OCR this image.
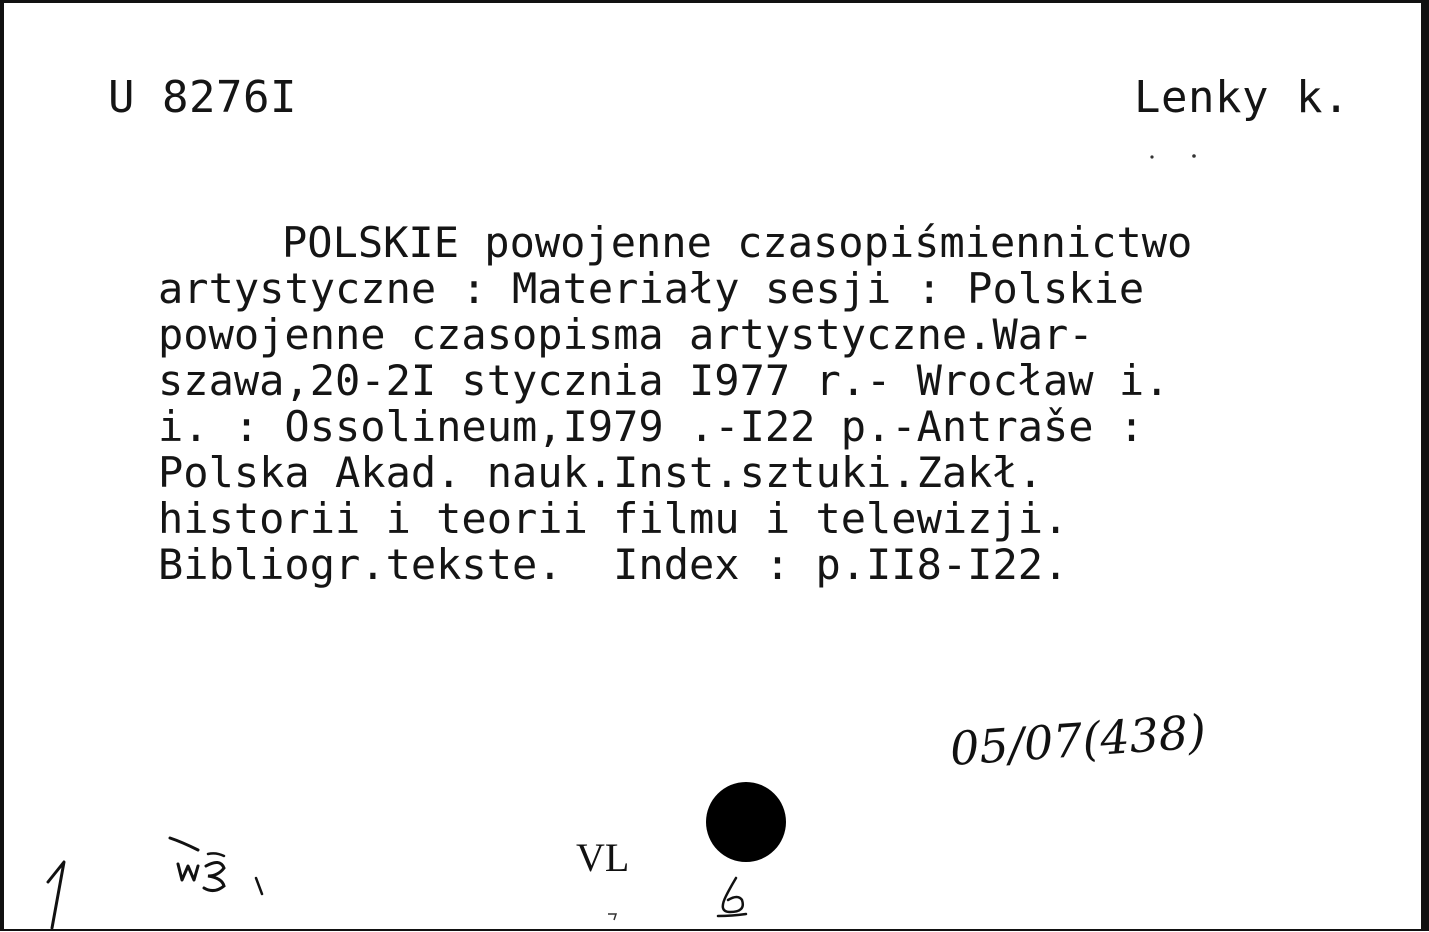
U 8276I	Lenky k.
POLSKIE powojenne czasopiśmiennictwo
artystyczne : Materiały sesji : Polskie
powojenne czasopisma artystyczne.War-
szawa,20-2I stycznia I977 r.- Wrocław i.
i. : Ossolineum,I979 .-I22 p.-Antraše :
Polska Akad. nauk.Inst.sztuki.Zakł.
historii i teorii filmu i telewizji.
Bibliogr.tekste.  Index : p.II8-I22.
05/07(438)
VL
